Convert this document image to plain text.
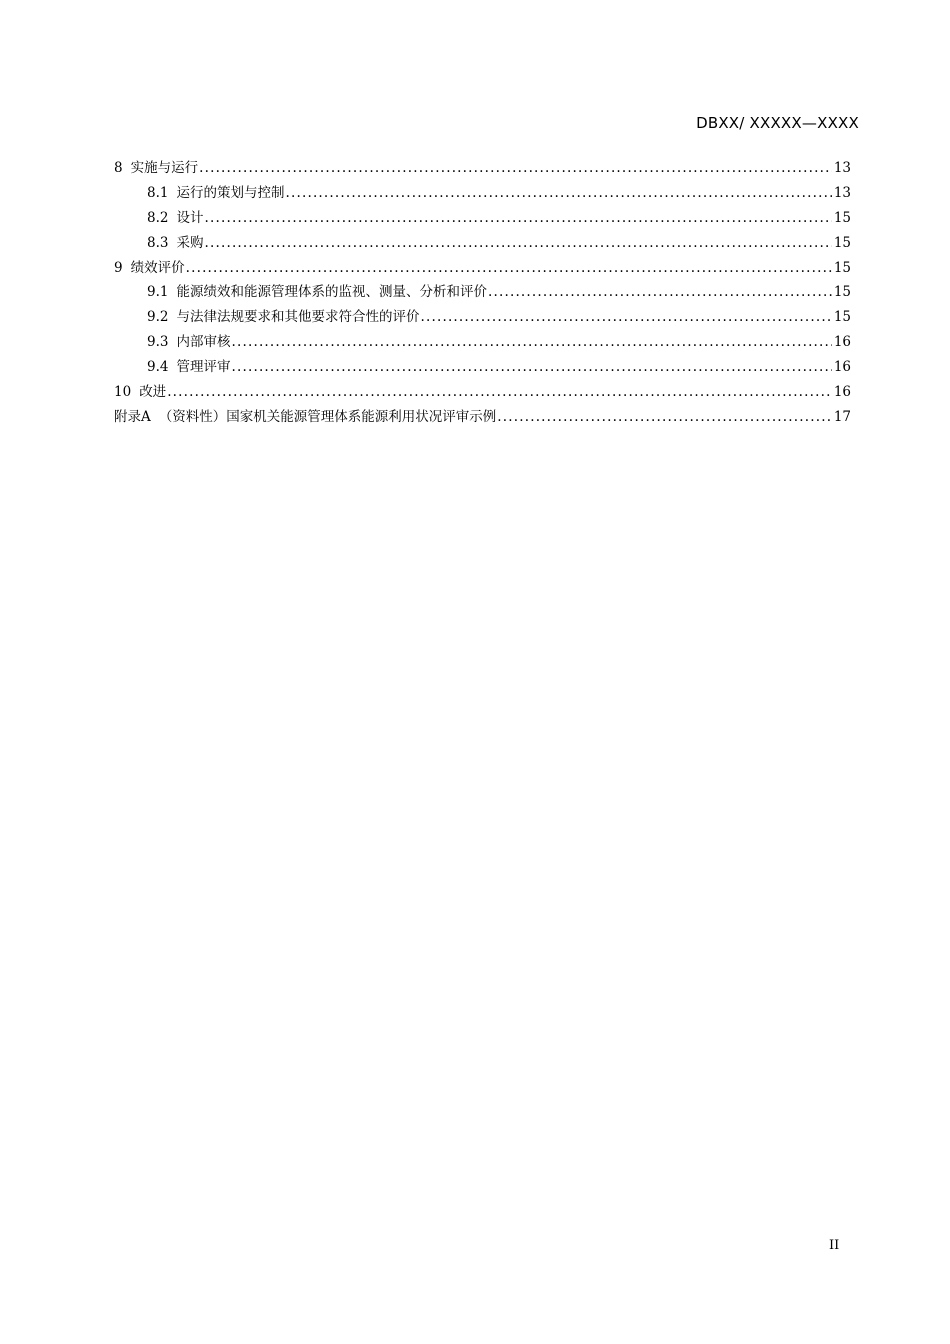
DBXX/ XXXXX—XXXX
8 实施与运行 .....	13
8.1 运行的策划与控制 .....	13
8.2 设计 .....	15
8.3 采购 .....	15
9 绩效评价 .....	15
9.1 能源绩效和能源管理体系的监视、测量、分析和评价 .....	15
9.2 与法律法规要求和其他要求符合性的评价 .....	15
9.3 内部审核 .....	16
9.4 管理评审 .....	16
10 改进 .....	16
附录A （资料性）国家机关能源管理体系能源利用状况评审示例 .....	17
II
